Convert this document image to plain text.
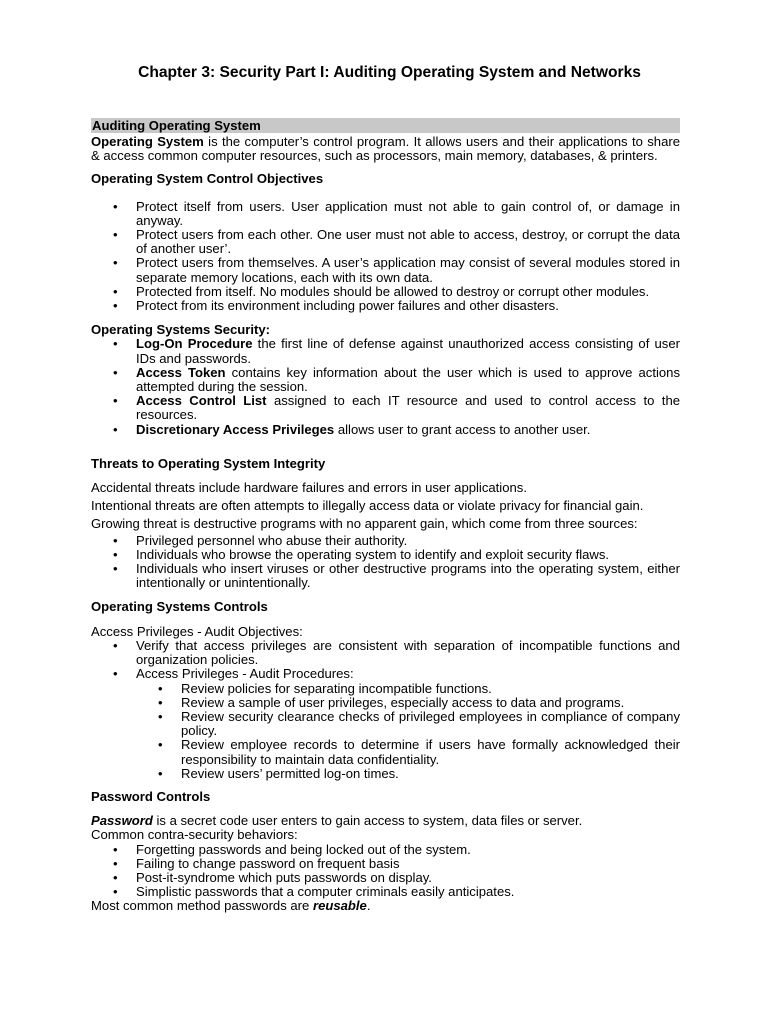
Chapter 3: Security Part I: Auditing Operating System and Networks
Auditing Operating System

Operating System is the computer’s control program. It allows users and their applications to share & access common computer resources, such as processors, main memory, databases, & printers.

Operating System Control Objectives

• Protect itself from users. User application must not able to gain control of, or damage in anyway.
• Protect users from each other. One user must not able to access, destroy, or corrupt the data of another user’.
• Protect users from themselves. A user’s application may consist of several modules stored in separate memory locations, each with its own data.
• Protected from itself. No modules should be allowed to destroy or corrupt other modules.
• Protect from its environment including power failures and other disasters.

Operating Systems Security:

• Log-On Procedure the first line of defense against unauthorized access consisting of user IDs and passwords.
• Access Token contains key information about the user which is used to approve actions attempted during the session.
• Access Control List assigned to each IT resource and used to control access to the resources.
• Discretionary Access Privileges allows user to grant access to another user.

Threats to Operating System Integrity

Accidental threats include hardware failures and errors in user applications.

Intentional threats are often attempts to illegally access data or violate privacy for financial gain.

Growing threat is destructive programs with no apparent gain, which come from three sources:

• Privileged personnel who abuse their authority.
• Individuals who browse the operating system to identify and exploit security flaws.
• Individuals who insert viruses or other destructive programs into the operating system, either intentionally or unintentionally.

Operating Systems Controls

Access Privileges - Audit Objectives:

• Verify that access privileges are consistent with separation of incompatible functions and organization policies.
• Access Privileges - Audit Procedures:
• Review policies for separating incompatible functions.
• Review a sample of user privileges, especially access to data and programs.
• Review security clearance checks of privileged employees in compliance of company policy.
• Review employee records to determine if users have formally acknowledged their responsibility to maintain data confidentiality.
• Review users’ permitted log-on times.

Password Controls

Password is a secret code user enters to gain access to system, data files or server.

Common contra-security behaviors:

• Forgetting passwords and being locked out of the system.
• Failing to change password on frequent basis
• Post-it-syndrome which puts passwords on display.
• Simplistic passwords that a computer criminals easily anticipates.

Most common method passwords are reusable.
